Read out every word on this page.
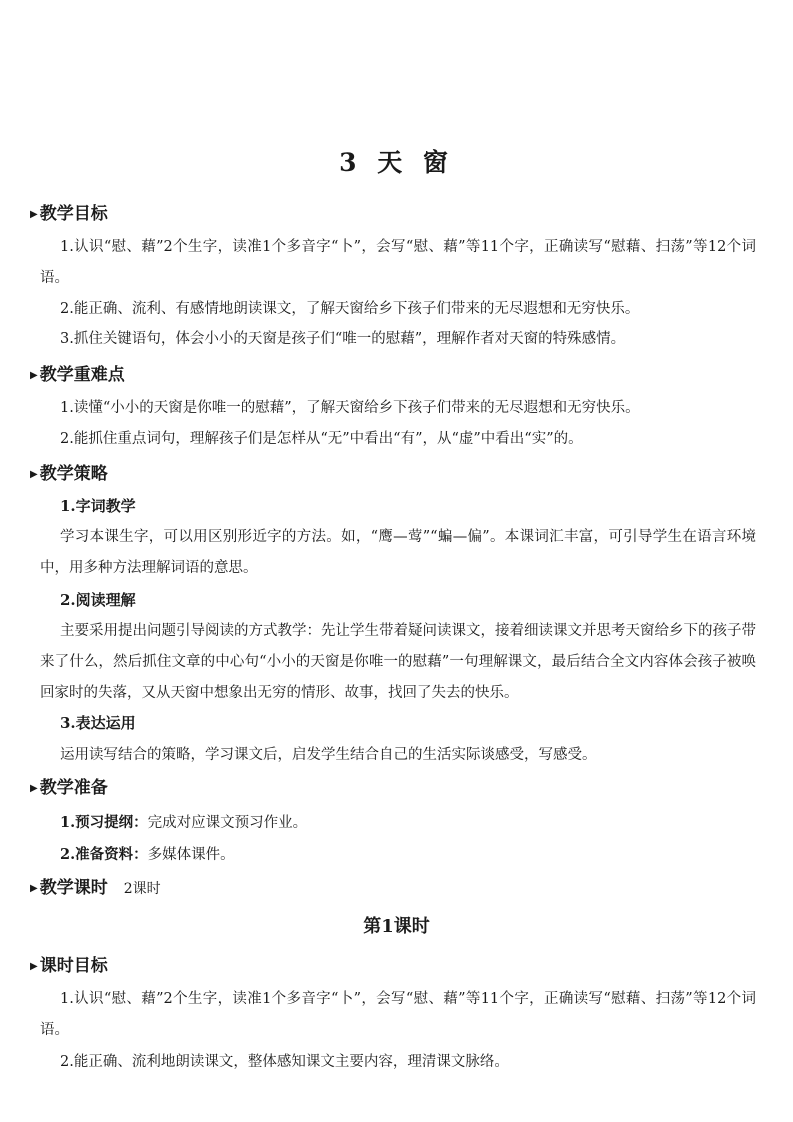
3 天 窗
▶ 教学目标
1.认识“慰、藉”2个生字，读准1个多音字“卜”，会写“慰、藉”等11个字，正确读写“慰藉、扫荡”等12个词语。
2.能正确、流利、有感情地朗读课文，了解天窗给乡下孩子们带来的无尽遐想和无穷快乐。
3.抓住关键语句，体会小小的天窗是孩子们“唯一的慰藉”，理解作者对天窗的特殊感情。
▶ 教学重难点
1.读懂“小小的天窗是你唯一的慰藉”，了解天窗给乡下孩子们带来的无尽遐想和无穷快乐。
2.能抓住重点词句，理解孩子们是怎样从“无”中看出“有”，从“虚”中看出“实”的。
▶ 教学策略
1.字词教学
学习本课生字，可以用区别形近字的方法。如，“鹰—莺”“蝙—偏”。本课词汇丰富，可引导学生在语言环境中，用多种方法理解词语的意思。
2.阅读理解
主要采用提出问题引导阅读的方式教学：先让学生带着疑问读课文，接着细读课文并思考天窗给乡下的孩子带来了什么，然后抓住文章的中心句“小小的天窗是你唯一的慰藉”一句理解课文，最后结合全文内容体会孩子被唤回家时的失落，又从天窗中想象出无穷的情形、故事，找回了失去的快乐。
3.表达运用
运用读写结合的策略，学习课文后，启发学生结合自己的生活实际谈感受，写感受。
▶ 教学准备
1.预习提纲：完成对应课文预习作业。
2.准备资料：多媒体课件。
▶ 教学课时 2课时
第1课时
▶ 课时目标
1.认识“慰、藉”2个生字，读准1个多音字“卜”，会写“慰、藉”等11个字，正确读写“慰藉、扫荡”等12个词语。
2.能正确、流利地朗读课文，整体感知课文主要内容，理清课文脉络。
